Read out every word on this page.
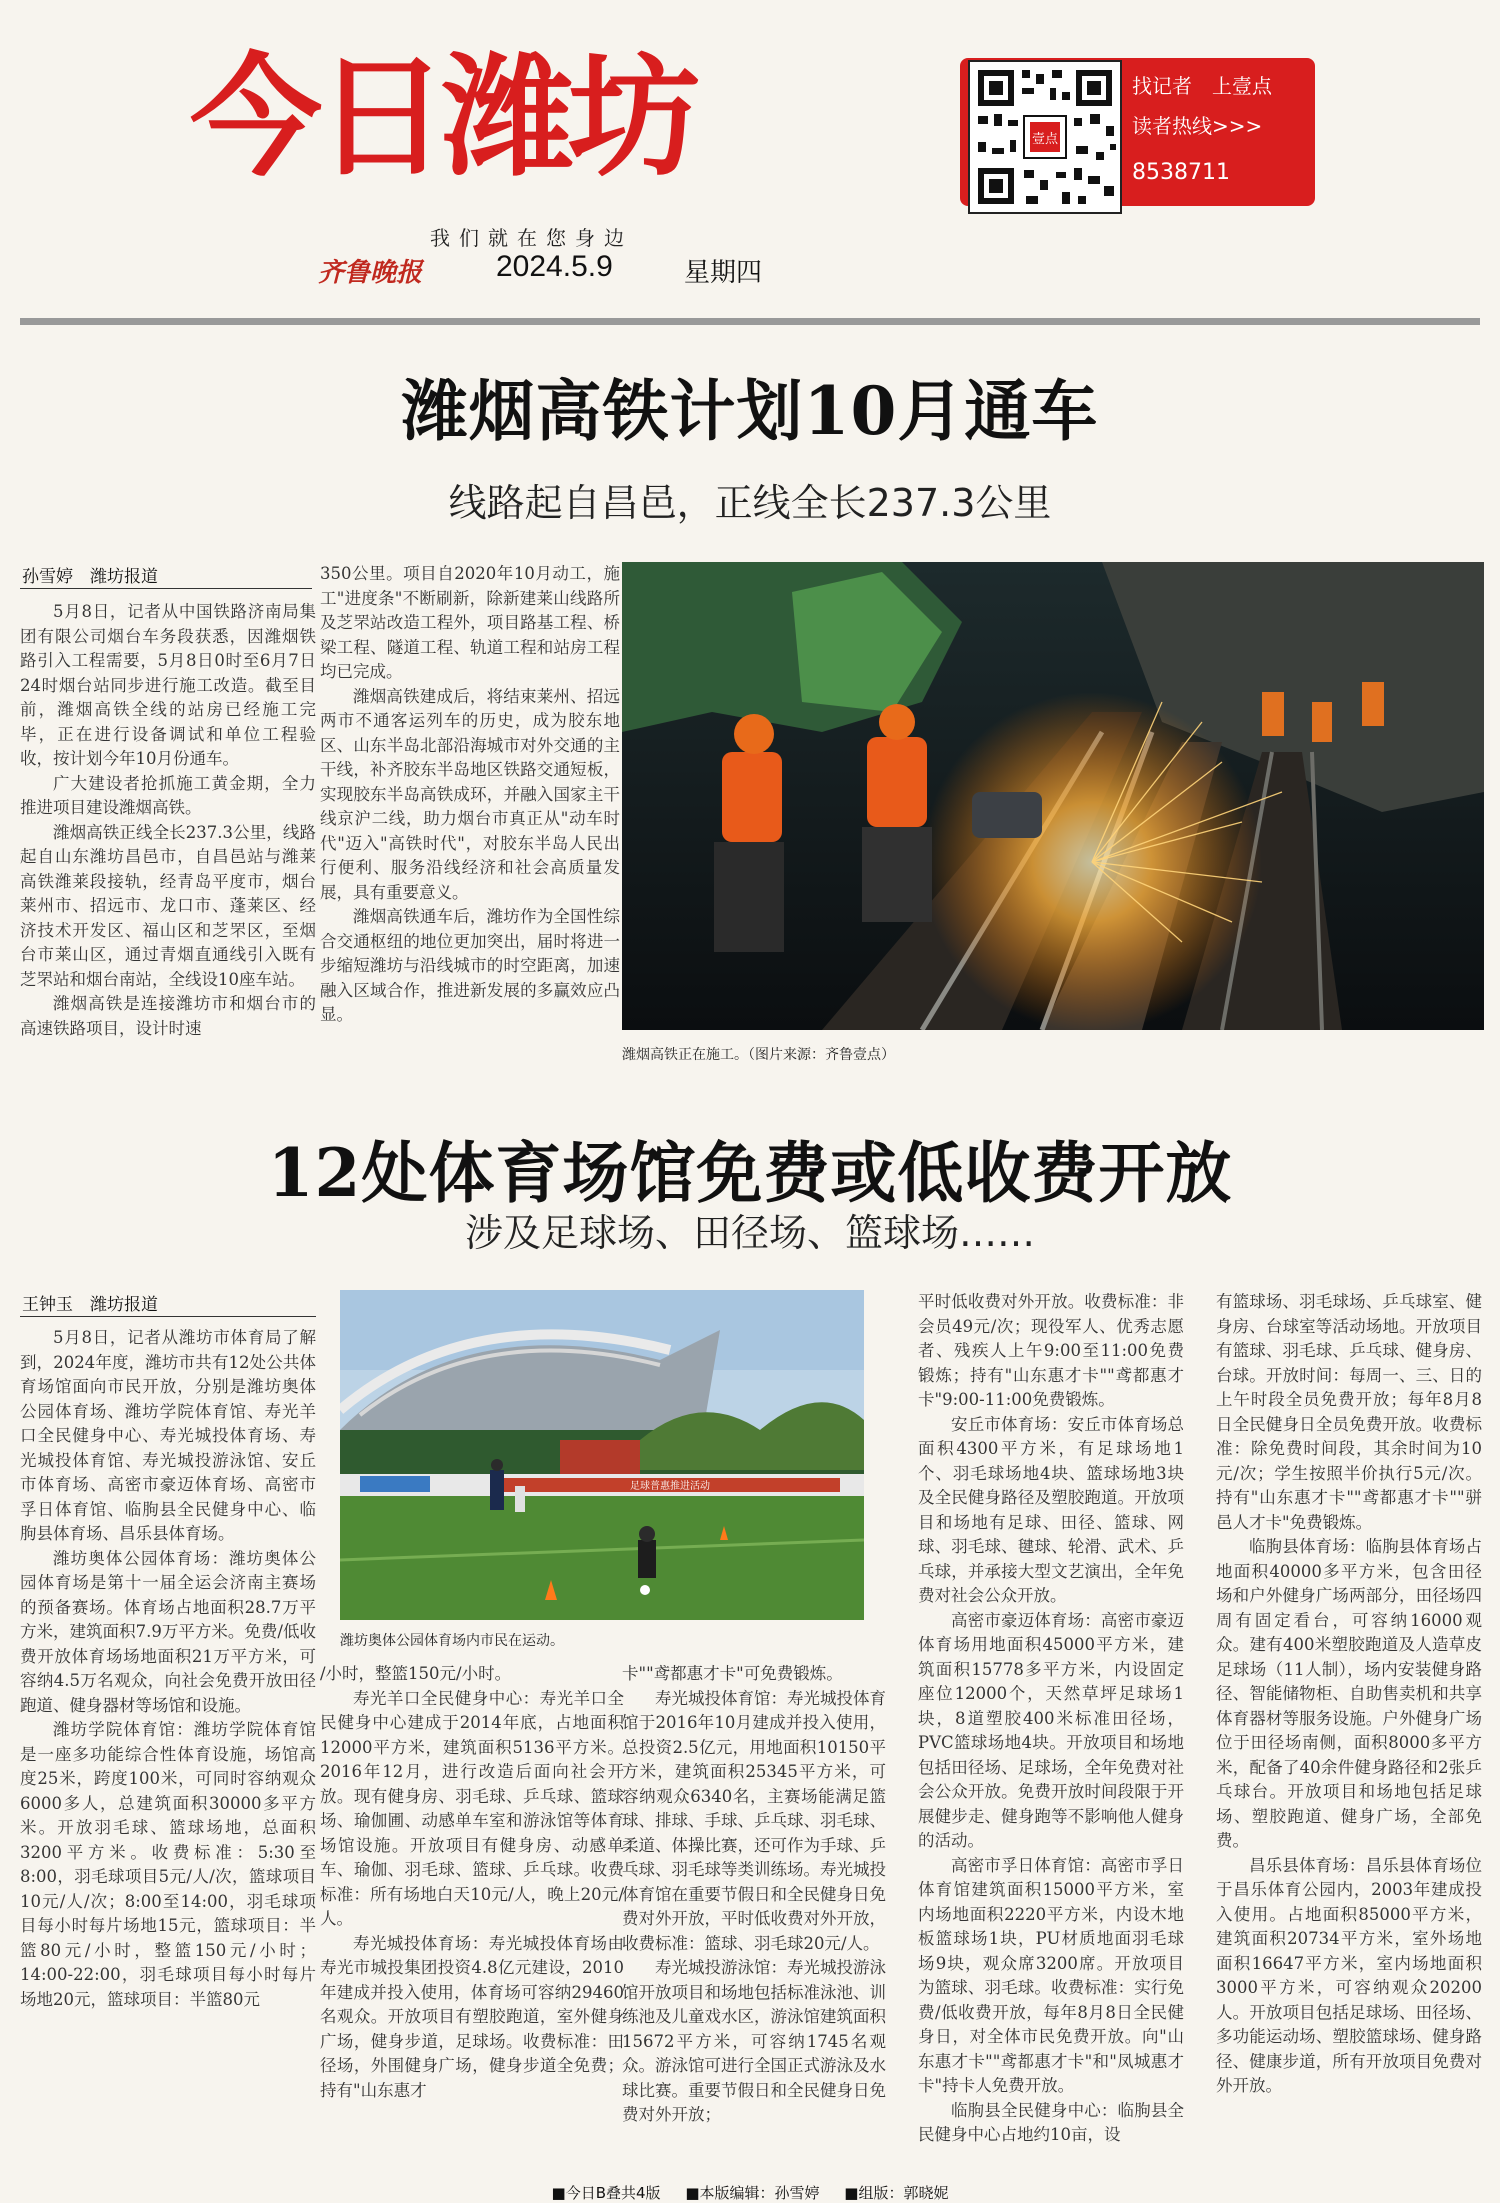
今日潍坊
我们就在您身边
齐鲁晚报 2024.5.9	星期四
壹点
找记者　上壹点
读者热线>>>
8538711
潍烟高铁计划10月通车
线路起自昌邑，正线全长237.3公里
孙雪婷　潍坊报道

5月8日，记者从中国铁路济南局集团有限公司烟台车务段获悉，因潍烟铁路引入工程需要，5月8日0时至6月7日24时烟台站同步进行施工改造。截至目前，潍烟高铁全线的站房已经施工完毕，正在进行设备调试和单位工程验收，按计划今年10月份通车。

广大建设者抢抓施工黄金期，全力推进项目建设潍烟高铁。

潍烟高铁正线全长237.3公里，线路起自山东潍坊昌邑市，自昌邑站与潍莱高铁潍莱段接轨，经青岛平度市，烟台莱州市、招远市、龙口市、蓬莱区、经济技术开发区、福山区和芝罘区，至烟台市莱山区，通过青烟直通线引入既有芝罘站和烟台南站，全线设10座车站。

潍烟高铁是连接潍坊市和烟台市的高速铁路项目，设计时速

350公里。项目自2020年10月动工，施工"进度条"不断刷新，除新建莱山线路所及芝罘站改造工程外，项目路基工程、桥梁工程、隧道工程、轨道工程和站房工程均已完成。

潍烟高铁建成后，将结束莱州、招远两市不通客运列车的历史，成为胶东地区、山东半岛北部沿海城市对外交通的主干线，补齐胶东半岛地区铁路交通短板，实现胶东半岛高铁成环，并融入国家主干线京沪二线，助力烟台市真正从"动车时代"迈入"高铁时代"，对胶东半岛人民出行便利、服务沿线经济和社会高质量发展，具有重要意义。

潍烟高铁通车后，潍坊作为全国性综合交通枢纽的地位更加突出，届时将进一步缩短潍坊与沿线城市的时空距离，加速融入区域合作，推进新发展的多赢效应凸显。

潍烟高铁正在施工。（图片来源：齐鲁壹点）
12处体育场馆免费或低收费开放
涉及足球场、田径场、篮球场……
王钟玉　潍坊报道

5月8日，记者从潍坊市体育局了解到，2024年度，潍坊市共有12处公共体育场馆面向市民开放，分别是潍坊奥体公园体育场、潍坊学院体育馆、寿光羊口全民健身中心、寿光城投体育场、寿光城投体育馆、寿光城投游泳馆、安丘市体育场、高密市豪迈体育场、高密市孚日体育馆、临朐县全民健身中心、临朐县体育场、昌乐县体育场。

潍坊奥体公园体育场：潍坊奥体公园体育场是第十一届全运会济南主赛场的预备赛场。体育场占地面积28.7万平方米，建筑面积7.9万平方米。免费/低收费开放体育场场地面积21万平方米，可容纳4.5万名观众，向社会免费开放田径跑道、健身器材等场馆和设施。

潍坊学院体育馆：潍坊学院体育馆是一座多功能综合性体育设施，场馆高度25米，跨度100米，可同时容纳观众6000多人，总建筑面积30000多平方米。开放羽毛球、篮球场地，总面积3200平方米。收费标准：5:30至8:00，羽毛球项目5元/人/次，篮球项目10元/人/次；8:00至14:00，羽毛球项目每小时每片场地15元，篮球项目：半篮80元/小时，整篮150元/小时；14:00-22:00，羽毛球项目每小时每片场地20元，篮球项目：半篮80元

足球普惠推进活动
潍坊奥体公园体育场内市民在运动。

/小时，整篮150元/小时。

寿光羊口全民健身中心：寿光羊口全民健身中心建成于2014年底，占地面积12000平方米，建筑面积5136平方米。2016年12月，进行改造后面向社会开放。现有健身房、羽毛球、乒乓球、篮球场、瑜伽圃、动感单车室和游泳馆等体育场馆设施。开放项目有健身房、动感单车、瑜伽、羽毛球、篮球、乒乓球。收费标准：所有场地白天10元/人，晚上20元/人。

寿光城投体育场：寿光城投体育场由寿光市城投集团投资4.8亿元建设，2010年建成并投入使用，体育场可容纳29460名观众。开放项目有塑胶跑道，室外健身广场，健身步道，足球场。收费标准：田径场，外围健身广场，健身步道全免费；持有"山东惠才

卡""鸢都惠才卡"可免费锻炼。

寿光城投体育馆：寿光城投体育馆于2016年10月建成并投入使用，总投资2.5亿元，用地面积10150平方米，建筑面积25345平方米，可容纳观众6340名，主赛场能满足篮球、排球、手球、乒乓球、羽毛球、柔道、体操比赛，还可作为手球、乒乓球、羽毛球等类训练场。寿光城投体育馆在重要节假日和全民健身日免费对外开放，平时低收费对外开放，收费标准：篮球、羽毛球20元/人。

寿光城投游泳馆：寿光城投游泳馆开放项目和场地包括标准泳池、训练池及儿童戏水区，游泳馆建筑面积15672平方米，可容纳1745名观众。游泳馆可进行全国正式游泳及水球比赛。重要节假日和全民健身日免费对外开放；

平时低收费对外开放。收费标准：非会员49元/次；现役军人、优秀志愿者、残疾人上午9:00至11:00免费锻炼；持有"山东惠才卡""鸢都惠才卡"9:00-11:00免费锻炼。

安丘市体育场：安丘市体育场总面积4300平方米，有足球场地1个、羽毛球场地4块、篮球场地3块及全民健身路径及塑胶跑道。开放项目和场地有足球、田径、篮球、网球、羽毛球、毽球、轮滑、武术、乒乓球，并承接大型文艺演出，全年免费对社会公众开放。

高密市豪迈体育场：高密市豪迈体育场用地面积45000平方米，建筑面积15778多平方米，内设固定座位12000个，天然草坪足球场1块，8道塑胶400米标准田径场，PVC篮球场地4块。开放项目和场地包括田径场、足球场，全年免费对社会公众开放。免费开放时间段限于开展健步走、健身跑等不影响他人健身的活动。

高密市孚日体育馆：高密市孚日体育馆建筑面积15000平方米，室内场地面积2220平方米，内设木地板篮球场1块，PU材质地面羽毛球场9块，观众席3200席。开放项目为篮球、羽毛球。收费标准：实行免费/低收费开放，每年8月8日全民健身日，对全体市民免费开放。向"山东惠才卡""鸢都惠才卡"和"凤城惠才卡"持卡人免费开放。

临朐县全民健身中心：临朐县全民健身中心占地约10亩，设

有篮球场、羽毛球场、乒乓球室、健身房、台球室等活动场地。开放项目有篮球、羽毛球、乒乓球、健身房、台球。开放时间：每周一、三、日的上午时段全员免费开放；每年8月8日全民健身日全员免费开放。收费标准：除免费时间段，其余时间为10元/次；学生按照半价执行5元/次。持有"山东惠才卡""鸢都惠才卡""骈邑人才卡"免费锻炼。

临朐县体育场：临朐县体育场占地面积40000多平方米，包含田径场和户外健身广场两部分，田径场四周有固定看台，可容纳16000观众。建有400米塑胶跑道及人造草皮足球场（11人制），场内安装健身路径、智能储物柜、自助售卖机和共享体育器材等服务设施。户外健身广场位于田径场南侧，面积8000多平方米，配备了40余件健身路径和2张乒乓球台。开放项目和场地包括足球场、塑胶跑道、健身广场，全部免费。

昌乐县体育场：昌乐县体育场位于昌乐体育公园内，2003年建成投入使用。占地面积85000平方米，建筑面积20734平方米，室外场地面积16647平方米，室内场地面积3000平方米，可容纳观众20200人。开放项目包括足球场、田径场、多功能运动场、塑胶篮球场、健身路径、健康步道，所有开放项目免费对外开放。

■今日B叠共4版 ■本版编辑：孙雪婷 ■组版：郭晓妮
